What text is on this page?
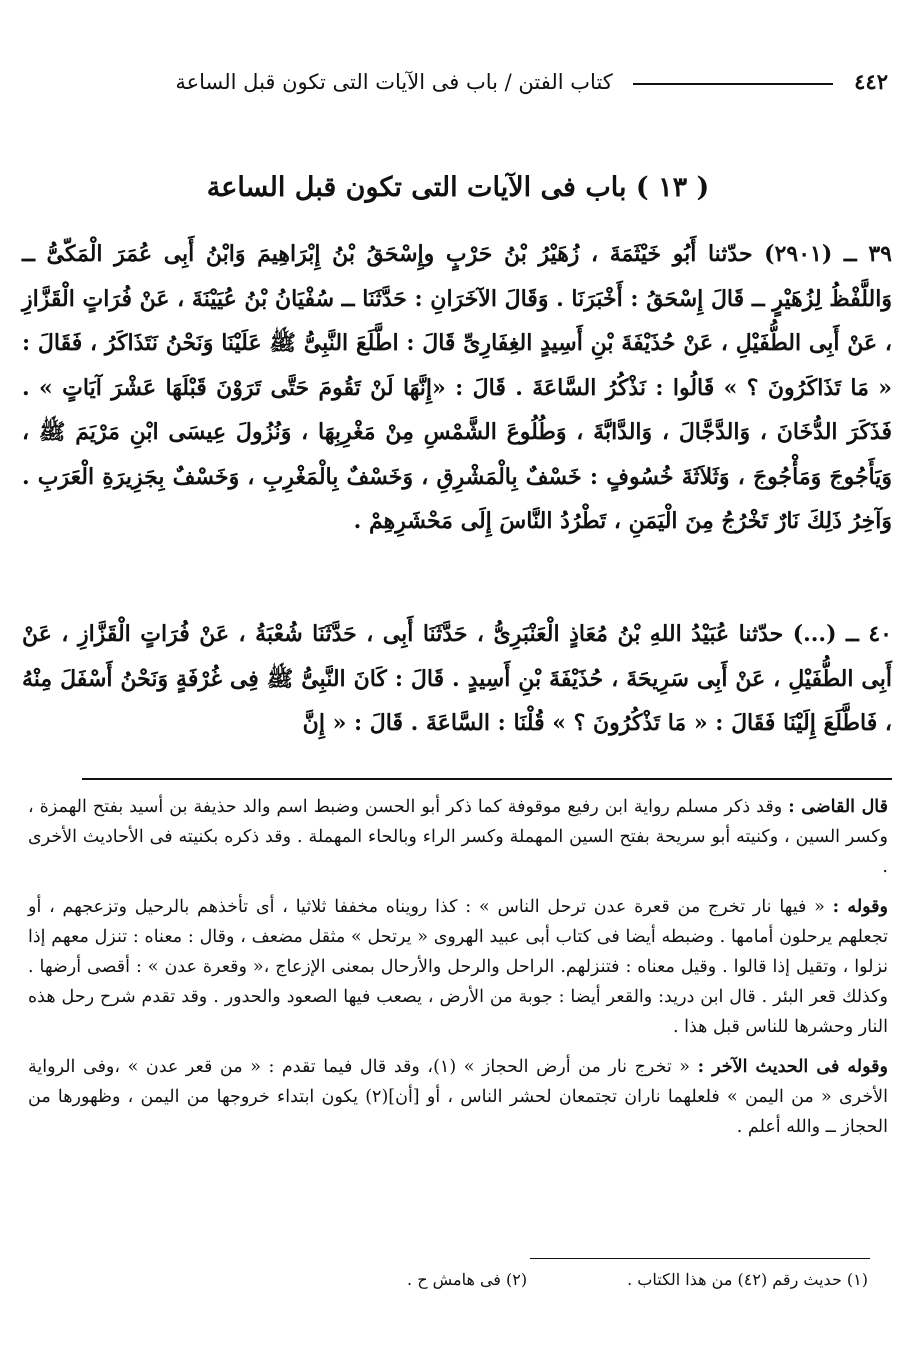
٤٤٢  كتاب الفتن / باب فى الآيات التى تكون قبل الساعة
( ١٣ ) باب فى الآيات التى تكون قبل الساعة
٣٩ ــ (٢٩٠١) حدّثنا أَبُو خَيْثَمَةَ ، زُهَيْرُ بْنُ حَرْبٍ وإِسْحَقُ بْنُ إِبْرَاهِيمَ وَابْنُ أَبِى عُمَرَ الْمَكّىُّ ــ وَاللَّفْظُ لِزُهَيْرٍ ــ قَالَ إِسْحَقُ : أَخْبَرَنَا . وَقَالَ الآخَرَانِ : حَدَّثَنَا ــ سُفْيَانُ بْنُ عُيَيْنَةَ ، عَنْ فُرَاتٍ الْقَزَّازِ ، عَنْ أَبِى الطُّفَيْلِ ، عَنْ حُذَيْفَةَ بْنِ أَسِيدٍ الغِفَارِىِّ قَالَ : اطَّلَعَ النَّبِىُّ ﷺ عَلَيْنَا وَنَحْنُ نَتَذَاكَرُ ، فَقَالَ : « مَا تَذَاكَرُونَ ؟ » قَالُوا : نَذْكُرُ السَّاعَةَ . قَالَ : «إِنَّهَا لَنْ تَقُومَ حَتَّى تَرَوْنَ قَبْلَهَا عَشْرَ آيَاتٍ » . فَذَكَرَ الدُّخَانَ ، وَالدَّجَّالَ ، وَالدَّابَّةَ ، وَطُلُوعَ الشَّمْسِ مِنْ مَغْرِبِهَا ، وَنُزُولَ عِيسَى ابْنِ مَرْيَمَ ﷺ ، وَيَأَجُوجَ وَمَأْجُوجَ ، وَثَلاَثَةَ خُسُوفٍ : خَسْفٌ بِالْمَشْرِقِ ، وَخَسْفٌ بِالْمَغْرِبِ ، وَخَسْفٌ بِجَزِيرَةِ الْعَرَبِ . وَآخِرُ ذَلِكَ نَارٌ تَخْرُجُ مِنَ الْيَمَنِ ، تَطْرُدُ النَّاسَ إِلَى مَحْشَرِهِمْ .
٤٠ ــ (...) حدّثنا عُبَيْدُ اللهِ بْنُ مُعَاذٍ الْعَنْبَرِىُّ ، حَدَّثَنَا أَبِى ، حَدَّثَنَا شُعْبَةُ ، عَنْ فُرَاتٍ الْقَزَّازِ ، عَنْ أَبِى الطُّفَيْلِ ، عَنْ أَبِى سَرِيحَةَ ، حُذَيْفَةَ بْنِ أَسِيدٍ . قَالَ : كَانَ النَّبِىُّ ﷺ فِى غُرْفَةٍ وَنَحْنُ أَسْفَلَ مِنْهُ ، فَاطَّلَعَ إِلَيْنَا فَقَالَ : « مَا تَذْكُرُونَ ؟ » قُلْنَا : السَّاعَةَ . قَالَ : « إِنَّ

قال القاضى : وقد ذكر مسلم رواية ابن رفيع موقوفة كما ذكر أبو الحسن وضبط اسم والد حذيفة بن أسيد بفتح الهمزة ، وكسر السين ، وكنيته أبو سريحة بفتح السين المهملة وكسر الراء وبالحاء المهملة . وقد ذكره بكنيته فى الأحاديث الأخرى .

وقوله : « فيها نار تخرج من قعرة عدن ترحل الناس » : كذا رويناه مخففا ثلاثيا ، أى تأخذهم بالرحيل وتزعجهم ، أو تجعلهم يرحلون أمامها . وضبطه أيضا فى كتاب أبى عبيد الهروى « يرتحل » مثقل مضعف ، وقال : معناه : تنزل معهم إذا نزلوا ، وتقيل إذا قالوا . وقيل معناه : فتنزلهم. الراحل والرحل والأرحال بمعنى الإزعاج ،« وقعرة عدن » : أقصى أرضها . وكذلك قعر البئر . قال ابن دريد: والقعر أيضا : جوبة من الأرض ، يصعب فيها الصعود والحدور . وقد تقدم شرح رحل هذه النار وحشرها للناس قبل هذا .

وقوله فى الحديث الآخر : « تخرج نار من أرض الحجاز » (١)، وقد قال فيما تقدم : « من قعر عدن » ،وفى الرواية الأخرى « من اليمن » فلعلهما ناران تجتمعان لحشر الناس ، أو [أن](٢) يكون ابتداء خروجها من اليمن ، وظهورها من الحجاز ــ والله أعلم .

(١) حديث رقم (٤٢) من هذا الكتاب .
(٢) فى هامش ح .
